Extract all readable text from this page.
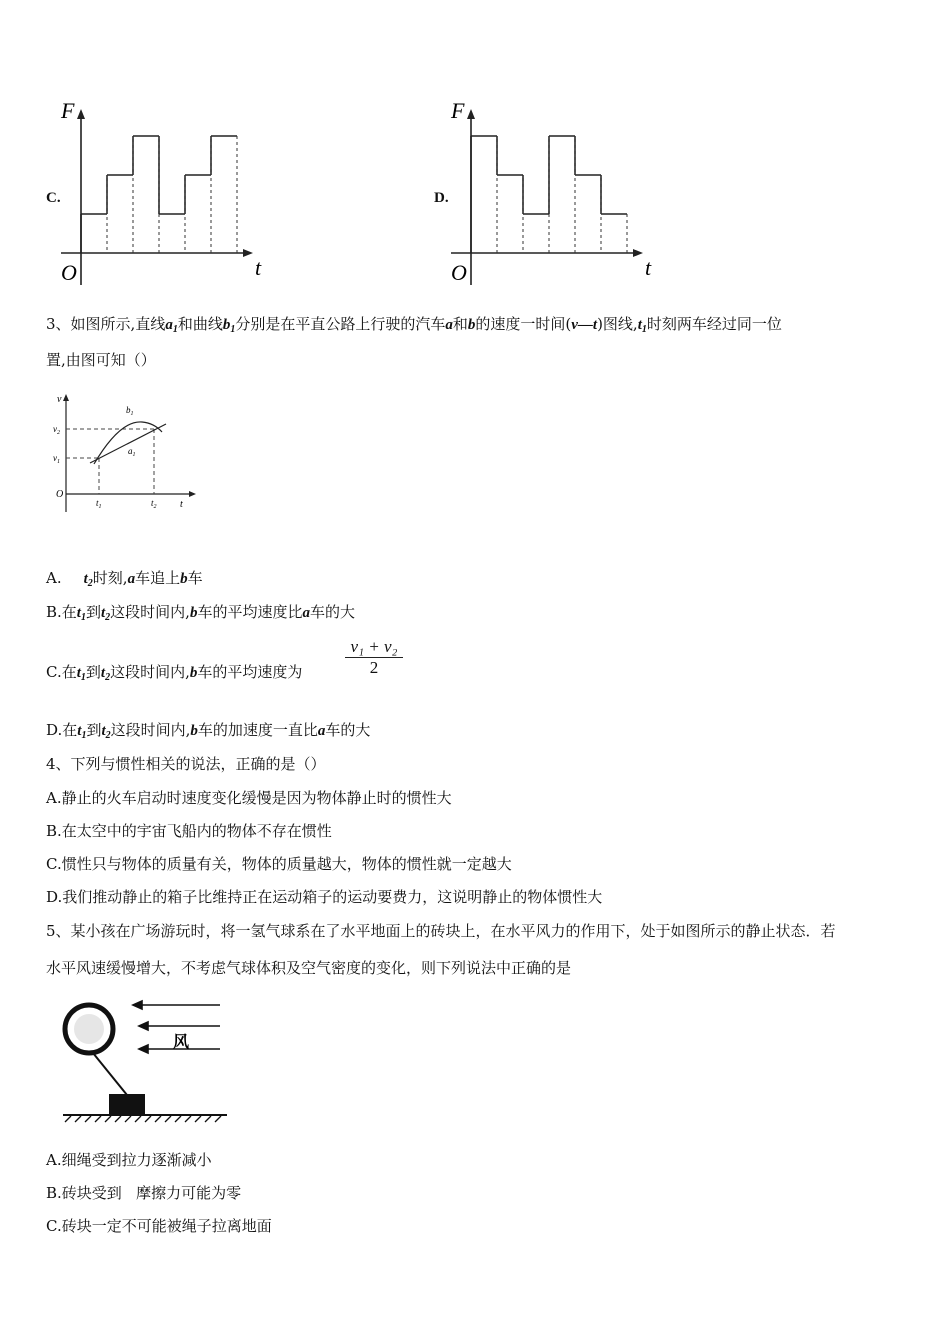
C.
F
O	t
D.
F
O	t
3、如图所示,直线$a_1$和曲线$b_1$分别是在平直公路上行驶的汽车a和b的速度一时间(v—t)图线$,t_1$时刻两车经过同一位
置,由图可知（）
v
O
t
$v_1$
$v_2$
$t_1$	$t_2$
$b_1$
$a_1$
A. $t_2$时刻,a车追上b车
B.在$t_1$到$t_2$这段时间内,b车的平均速度比a车的大
C.在$t_1$到$t_2$这段时间内,b车的平均速度为	$\frac{\text{v₁ + v₂}}{2}$
D.在$t_1$到$t_2$这段时间内,b车的加速度一直比a车的大
4、下列与惯性相关的说法，正确的是（）
A.静止的火车启动时速度变化缓慢是因为物体静止时的惯性大
B.在太空中的宇宙飞船内的物体不存在惯性
C.惯性只与物体的质量有关，物体的质量越大，物体的惯性就一定越大
D.我们推动静止的箱子比维持正在运动箱子的运动要费力，这说明静止的物体惯性大
5、某小孩在广场游玩时，将一氢气球系在了水平地面上的砖块上，在水平风力的作用下，处于如图所示的静止状态．若
水平风速缓慢增大，不考虑气球体积及空气密度的变化，则下列说法中正确的是
风
A.细绳受到拉力逐渐减小
B.砖块受到   摩擦力可能为零
C.砖块一定不可能被绳子拉离地面
